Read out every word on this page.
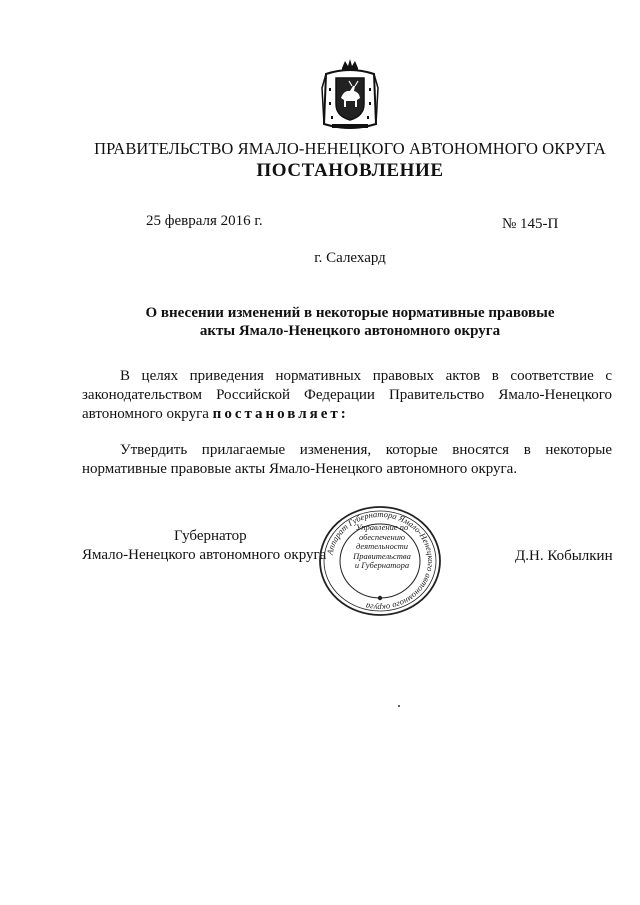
ПРАВИТЕЛЬСТВО ЯМАЛО-НЕНЕЦКОГО АВТОНОМНОГО ОКРУГА
ПОСТАНОВЛЕНИЕ
25 февраля 2016 г.	№ 145-П
г. Салехард
О внесении изменений в некоторые нормативные правовые
акты Ямало-Ненецкого автономного округа
В целях приведения нормативных правовых актов в соответствие с
законодательством Российской Федерации Правительство Ямало-Ненецкого
автономного округа постановляет:
Утвердить прилагаемые изменения, которые вносятся в некоторые
нормативные правовые акты Ямало-Ненецкого автономного округа.
Губернатор
Ямало-Ненецкого автономного округа
Аппарат Губернатора Ямало-Ненецкого автономного округа
Управление по
обеспечению
деятельности
Правительства
и Губернатора
Д.Н. Кобылкин
